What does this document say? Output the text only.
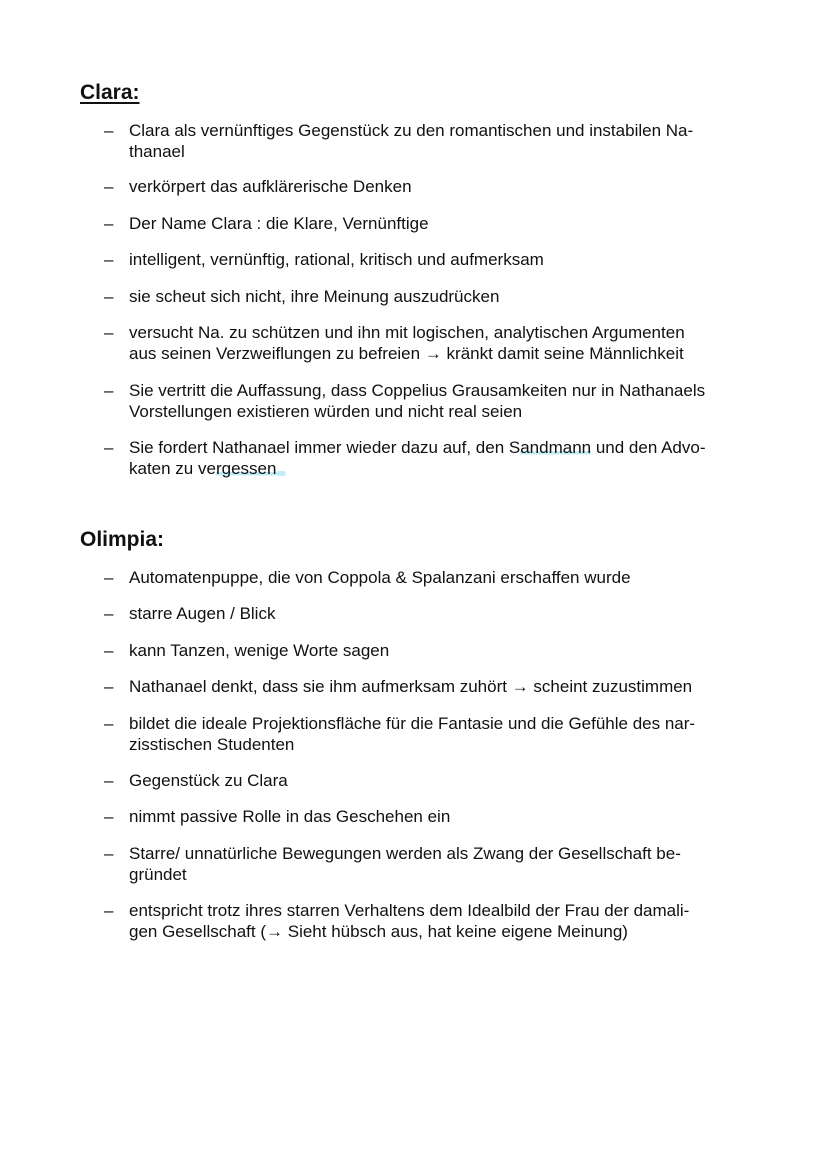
Clara:
– Clara als vernünftiges Gegenstück zu den romantischen und instabilen Na-
thanael
– verkörpert das aufklärerische Denken
– Der Name Clara : die Klare, Vernünftige
– intelligent, vernünftig, rational, kritisch und aufmerksam
– sie scheut sich nicht, ihre Meinung auszudrücken
– versucht Na. zu schützen und ihn mit logischen, analytischen Argumenten
aus seinen Verzweiflungen zu befreien → kränkt damit seine Männlichkeit
– Sie vertritt die Auffassung, dass Coppelius Grausamkeiten nur in Nathanaels
Vorstellungen existieren würden und nicht real seien
– Sie fordert Nathanael immer wieder dazu auf, den Sandmann und den Advo-
katen zu vergessen
Olimpia:
– Automatenpuppe, die von Coppola & Spalanzani erschaffen wurde
– starre Augen / Blick
– kann Tanzen, wenige Worte sagen
– Nathanael denkt, dass sie ihm aufmerksam zuhört → scheint zuzustimmen
– bildet die ideale Projektionsfläche für die Fantasie und die Gefühle des nar-
zisstischen Studenten
– Gegenstück zu Clara
– nimmt passive Rolle in das Geschehen ein
– Starre/ unnatürliche Bewegungen werden als Zwang der Gesellschaft be-
gründet
– entspricht trotz ihres starren Verhaltens dem Idealbild der Frau der damali-
gen Gesellschaft (→ Sieht hübsch aus, hat keine eigene Meinung)
